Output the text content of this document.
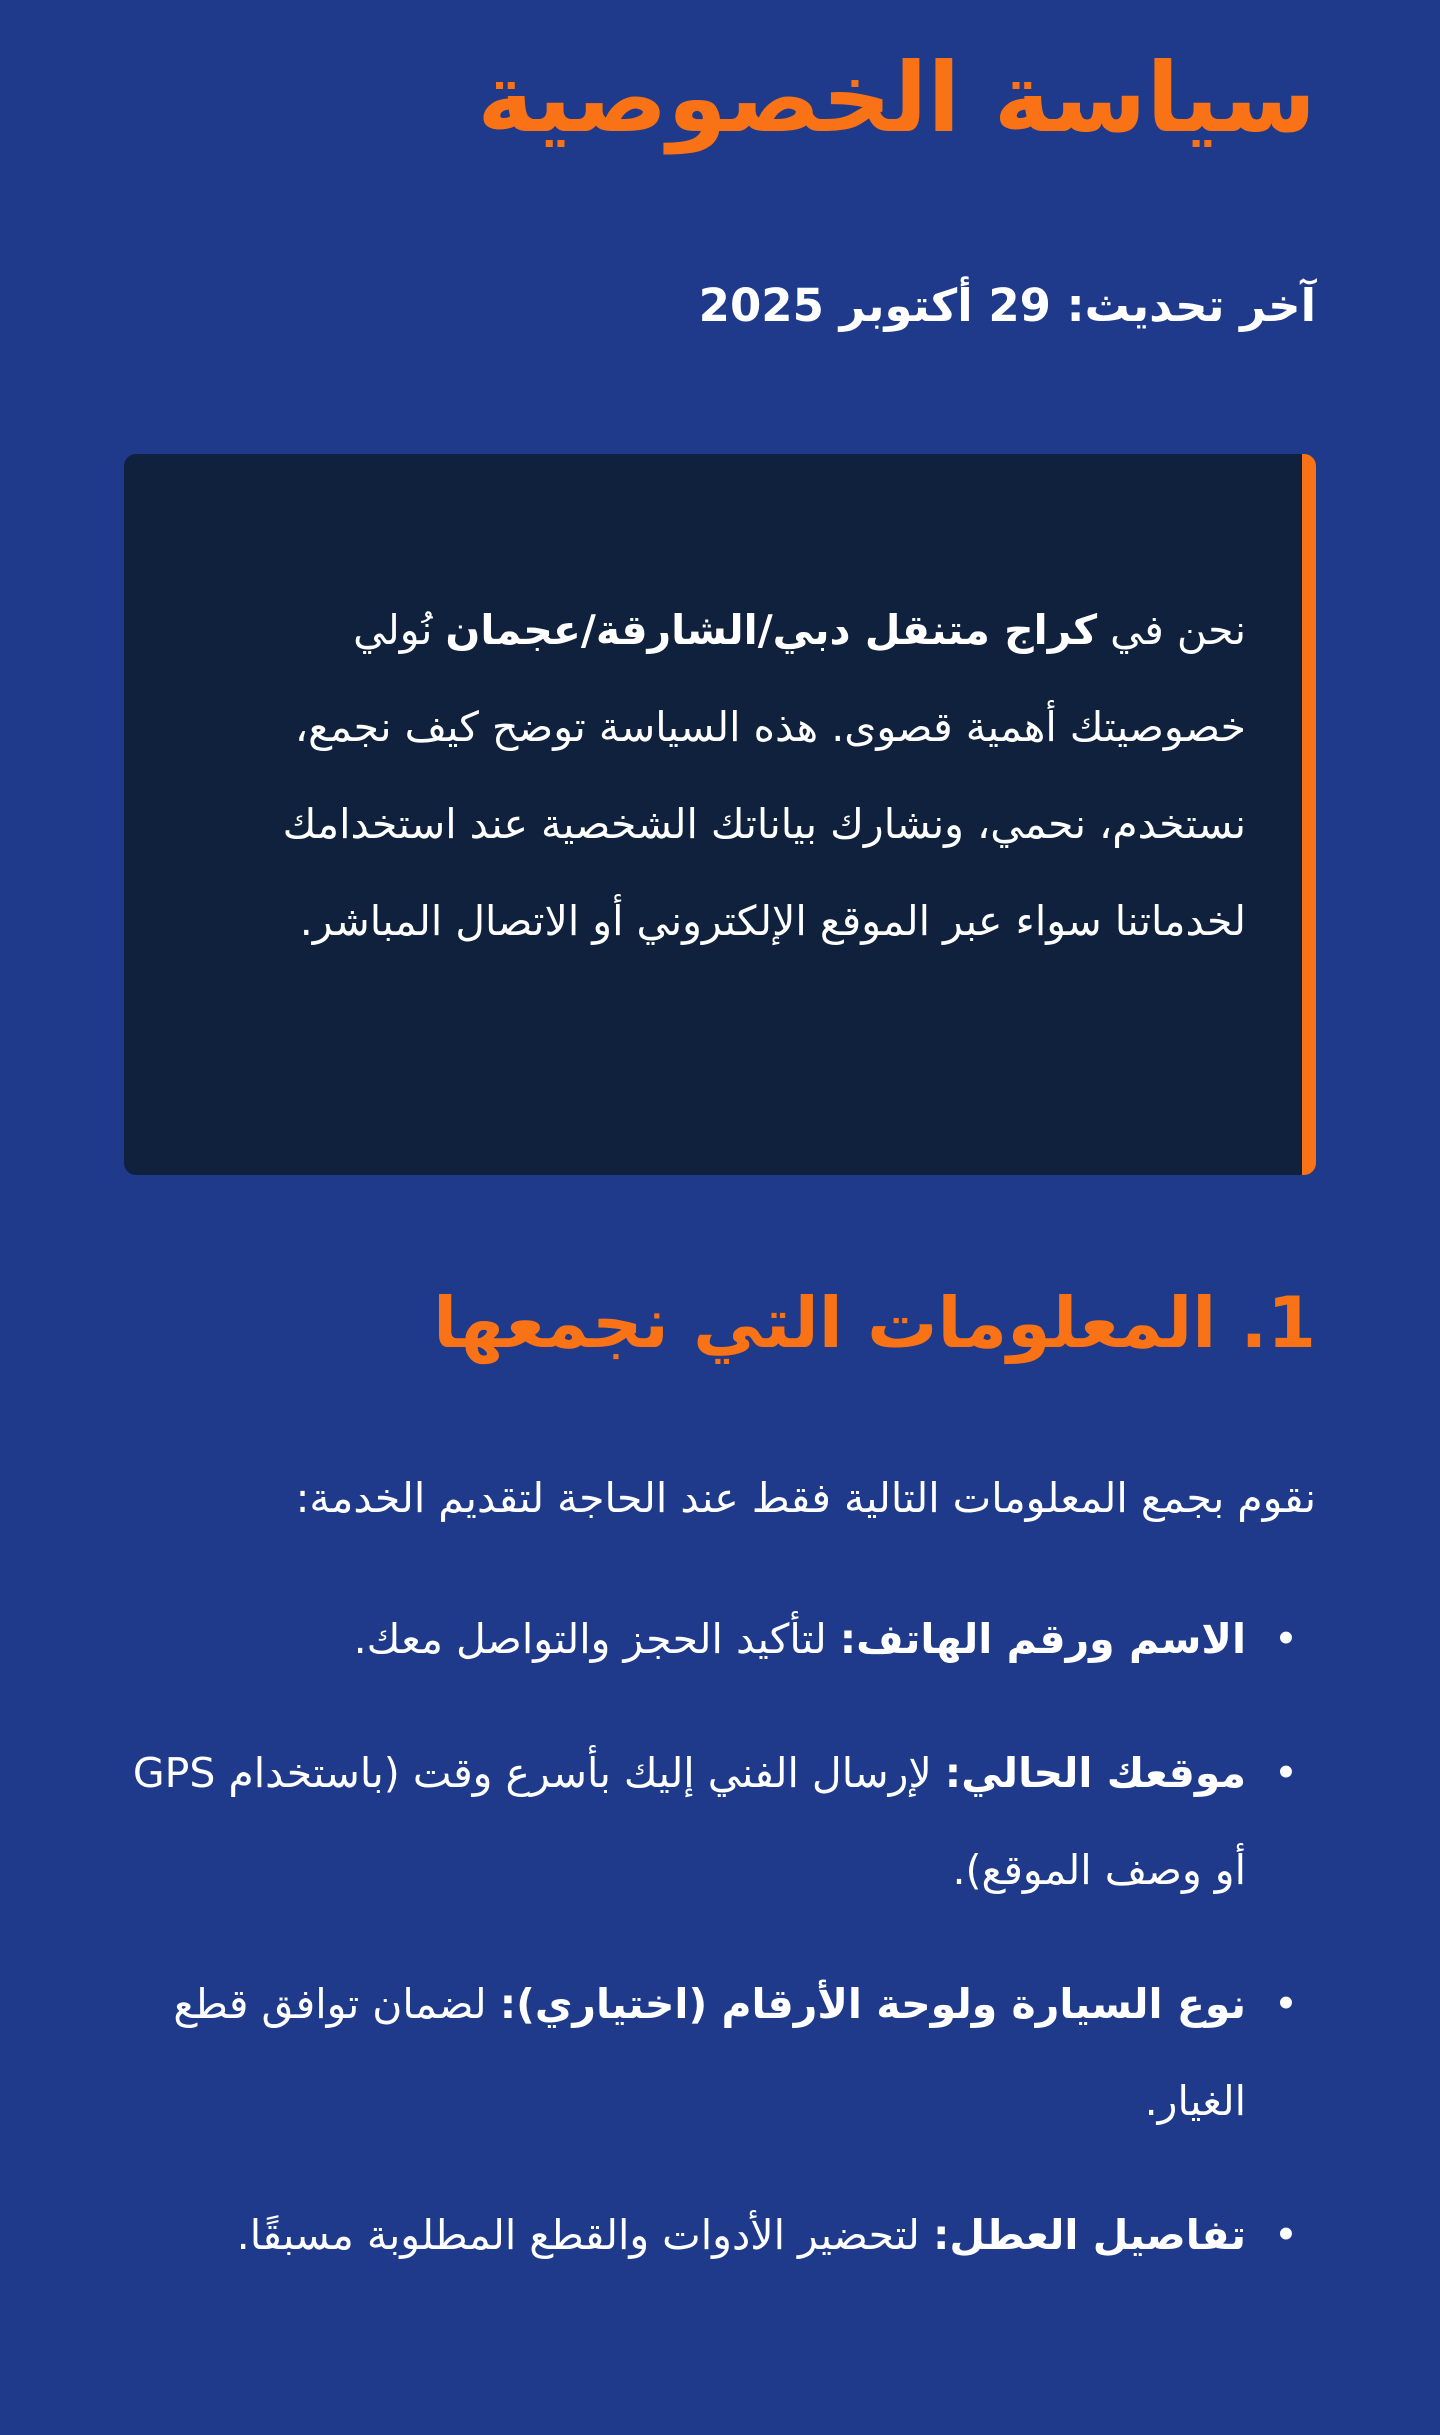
سياسة الخصوصية

آخر تحديث: 29 أكتوبر 2025

نحن في كراج متنقل دبي/الشارقة/عجمان نُولي خصوصيتك أهمية قصوى. هذه السياسة توضح كيف نجمع، نستخدم، نحمي، ونشارك بياناتك الشخصية عند استخدامك لخدماتنا سواء عبر الموقع الإلكتروني أو الاتصال المباشر.

1. المعلومات التي نجمعها

نقوم بجمع المعلومات التالية فقط عند الحاجة لتقديم الخدمة:

•
الاسم ورقم الهاتف: لتأكيد الحجز والتواصل معك.
•
موقعك الحالي: لإرسال الفني إليك بأسرع وقت (باستخدام GPS أو وصف الموقع).
•
نوع السيارة ولوحة الأرقام (اختياري): لضمان توافق قطع الغيار.
•
تفاصيل العطل: لتحضير الأدوات والقطع المطلوبة مسبقًا.
